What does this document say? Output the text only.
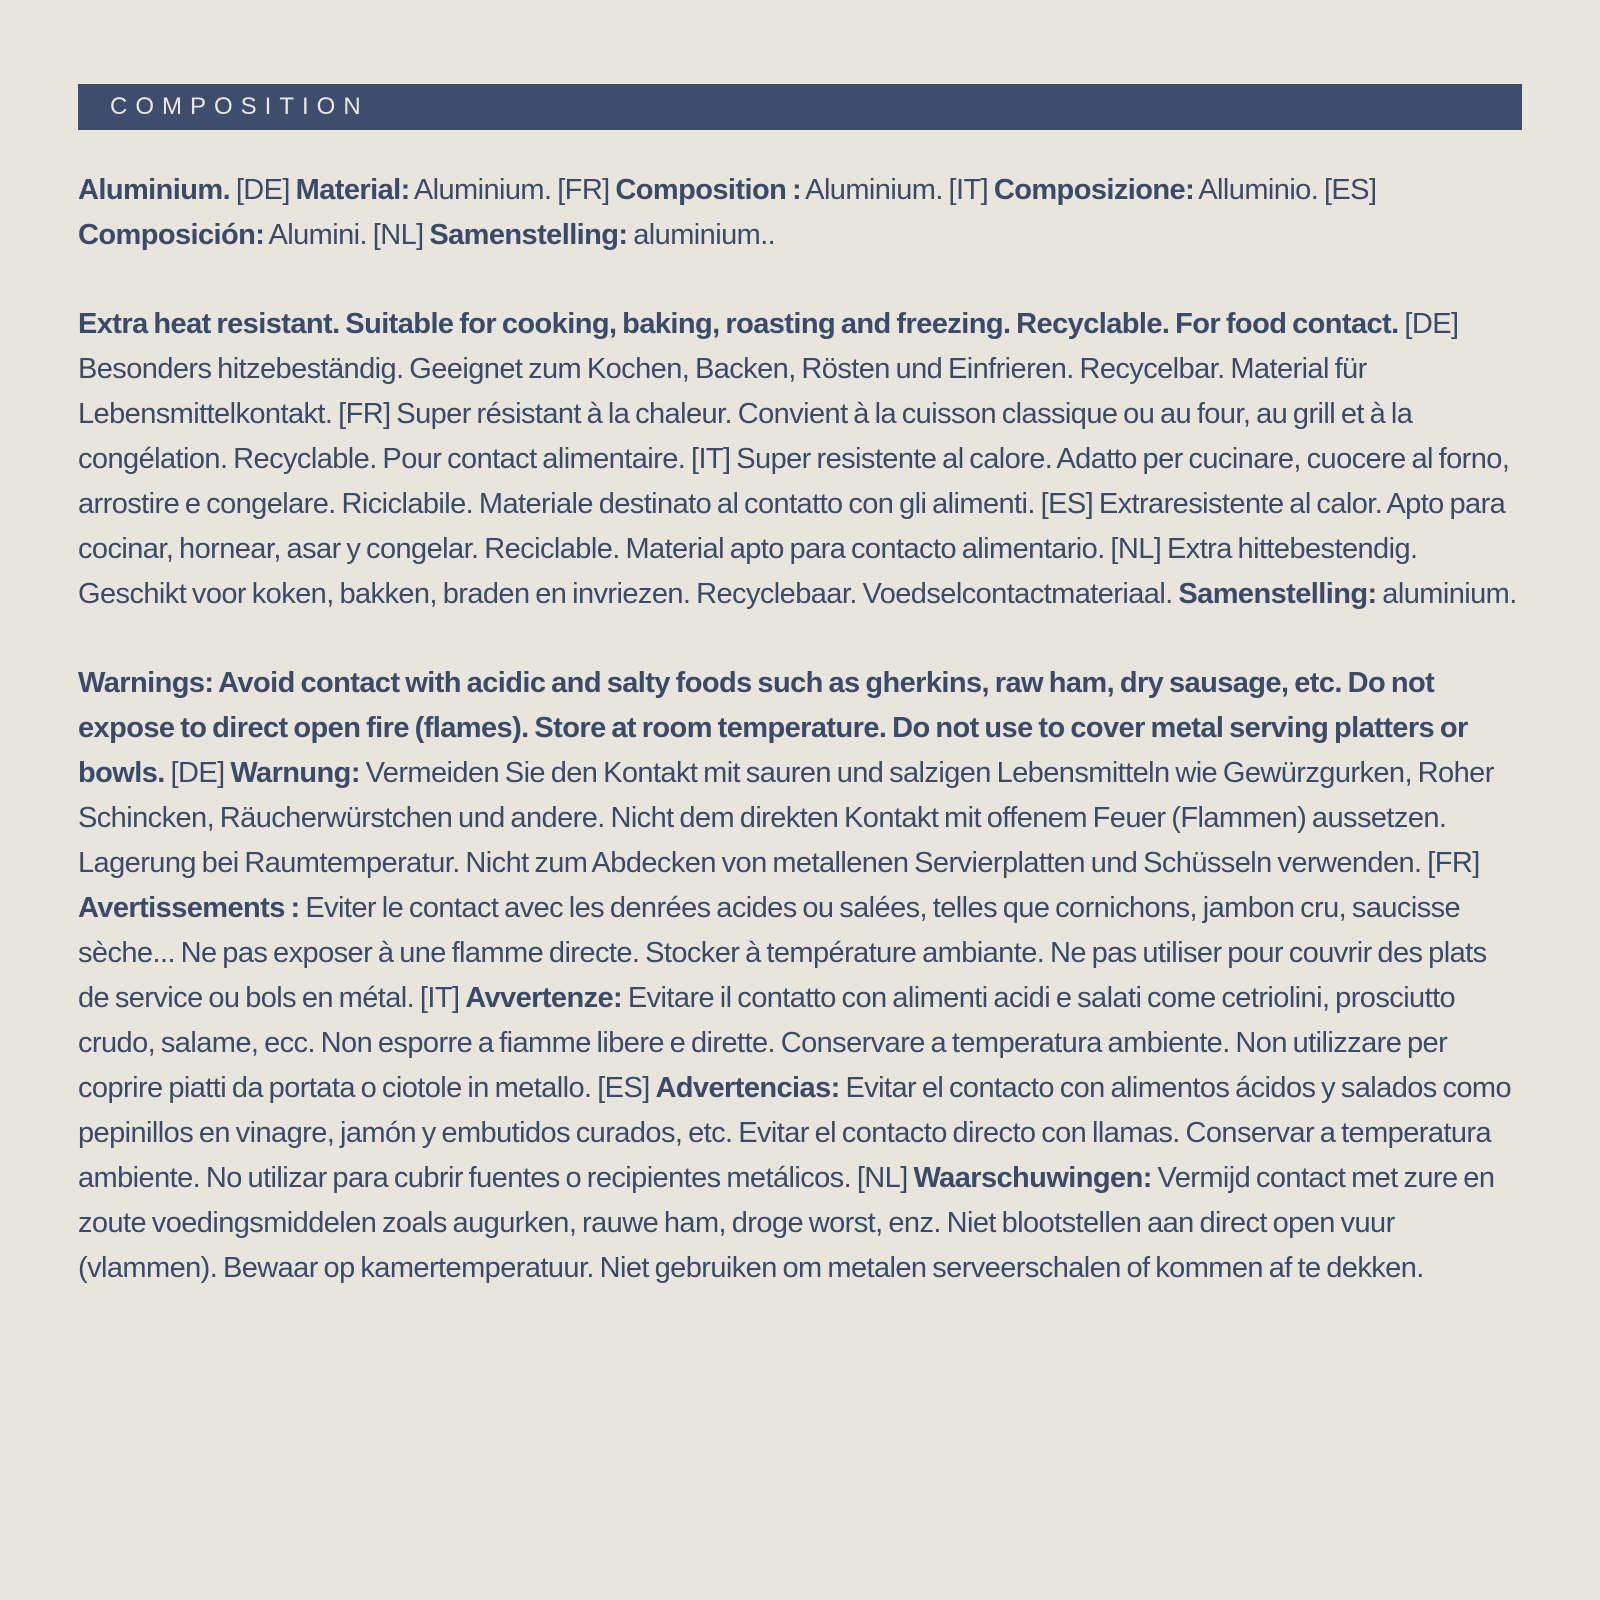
COMPOSITION

Aluminium. [DE] Material: Aluminium. [FR] Composition : Aluminium. [IT] Composizione: Alluminio. [ES] Composición: Alumini. [NL] Samenstelling: aluminium..

Extra heat resistant. Suitable for cooking, baking, roasting and freezing. Recyclable. For food contact. [DE] Besonders hitzebeständig. Geeignet zum Kochen, Backen, Rösten und Einfrieren. Recycelbar. Material für Lebensmittelkontakt. [FR] Super résistant à la chaleur. Convient à la cuisson classique ou au four, au grill et à la congélation. Recyclable. Pour contact alimentaire. [IT] Super resistente al calore. Adatto per cucinare, cuocere al forno, arrostire e congelare. Riciclabile. Materiale destinato al contatto con gli alimenti. [ES] Extraresistente al calor. Apto para cocinar, hornear, asar y congelar. Reciclable. Material apto para contacto alimentario. [NL] Extra hittebestendig. Geschikt voor koken, bakken, braden en invriezen. Recyclebaar. Voedselcontactmateriaal. Samenstelling: aluminium.

Warnings: Avoid contact with acidic and salty foods such as gherkins, raw ham, dry sausage, etc. Do not expose to direct open fire (flames). Store at room temperature. Do not use to cover metal serving platters or bowls. [DE] Warnung: Vermeiden Sie den Kontakt mit sauren und salzigen Lebensmitteln wie Gewürzgurken, Roher Schincken, Räucherwürstchen und andere. Nicht dem direkten Kontakt mit offenem Feuer (Flammen) aussetzen. Lagerung bei Raumtemperatur. Nicht zum Abdecken von metallenen Servierplatten und Schüsseln verwenden. [FR] Avertissements : Eviter le contact avec les denrées acides ou salées, telles que cornichons, jambon cru, saucisse sèche... Ne pas exposer à une flamme directe. Stocker à température ambiante. Ne pas utiliser pour couvrir des plats de service ou bols en métal. [IT] Avvertenze: Evitare il contatto con alimenti acidi e salati come cetriolini, prosciutto crudo, salame, ecc. Non esporre a fiamme libere e dirette. Conservare a temperatura ambiente. Non utilizzare per coprire piatti da portata o ciotole in metallo. [ES] Advertencias: Evitar el contacto con alimentos ácidos y salados como pepinillos en vinagre, jamón y embutidos curados, etc. Evitar el contacto directo con llamas. Conservar a temperatura ambiente. No utilizar para cubrir fuentes o recipientes metálicos. [NL] Waarschuwingen: Vermijd contact met zure en zoute voedingsmiddelen zoals augurken, rauwe ham, droge worst, enz. Niet blootstellen aan direct open vuur (vlammen). Bewaar op kamertemperatuur. Niet gebruiken om metalen serveerschalen of kommen af te dekken.
